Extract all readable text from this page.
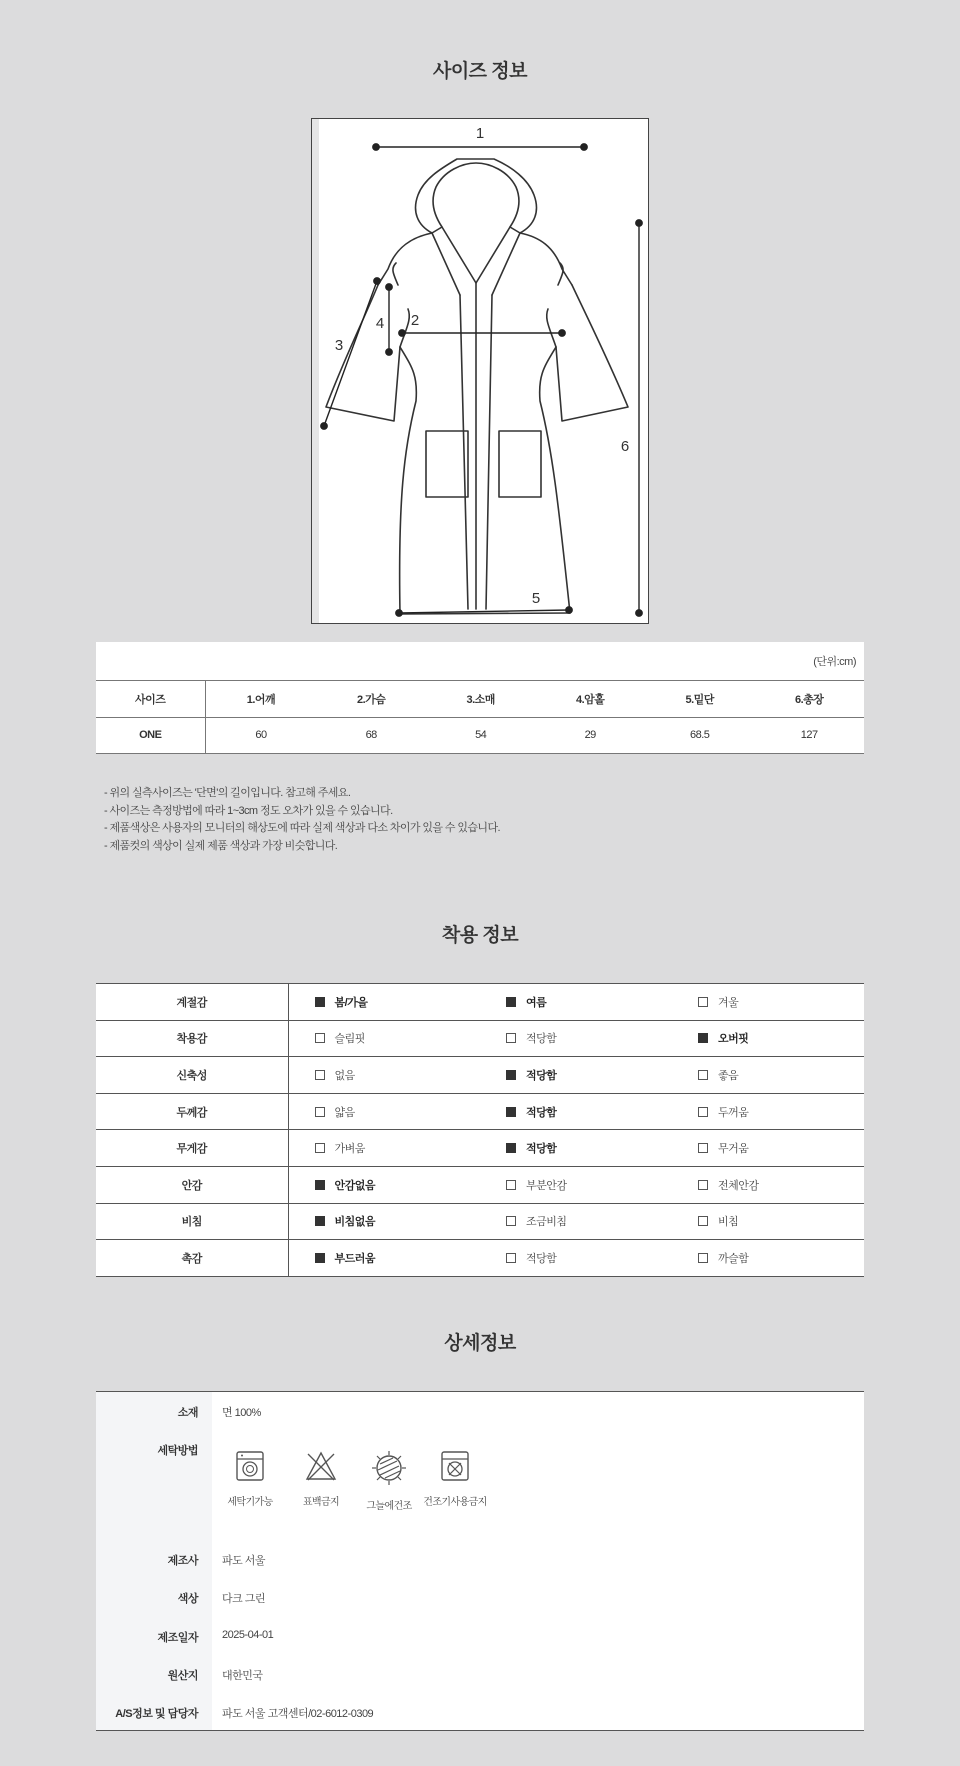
사이즈 정보
1
2
3
4
5
6
(단위:cm)
사이즈	1.어깨	2.가슴	3.소매	4.암홀	5.밑단	6.총장
ONE	60	68	54	29	68.5	127
- 위의 실측사이즈는 '단면'의 길이입니다. 참고해 주세요.
- 사이즈는 측정방법에 따라 1~3cm 정도 오차가 있을 수 있습니다.
- 제품색상은 사용자의 모니터의 해상도에 따라 실제 색상과 다소 차이가 있을 수 있습니다.
- 제품컷의 색상이 실제 제품 색상과 가장 비슷합니다.
착용 정보
계절감	봄/가을	여름	겨울
착용감	슬림핏	적당함	오버핏
신축성	없음	적당함	좋음
두께감	얇음	적당함	두꺼움
무게감	가벼움	적당함	무거움
안감	안감없음	부분안감	전체안감
비침	비침없음	조금비침	비침
촉감	부드러움	적당함	까슬함
상세정보
소재 면 100%
세탁방법
세탁기가능	표백금지	그늘에건조	건조기사용금지
제조사 파도 서울
색상 다크 그린
제조일자 2025-04-01
원산지 대한민국
A/S정보 및 담당자 파도 서울 고객센터/02-6012-0309
